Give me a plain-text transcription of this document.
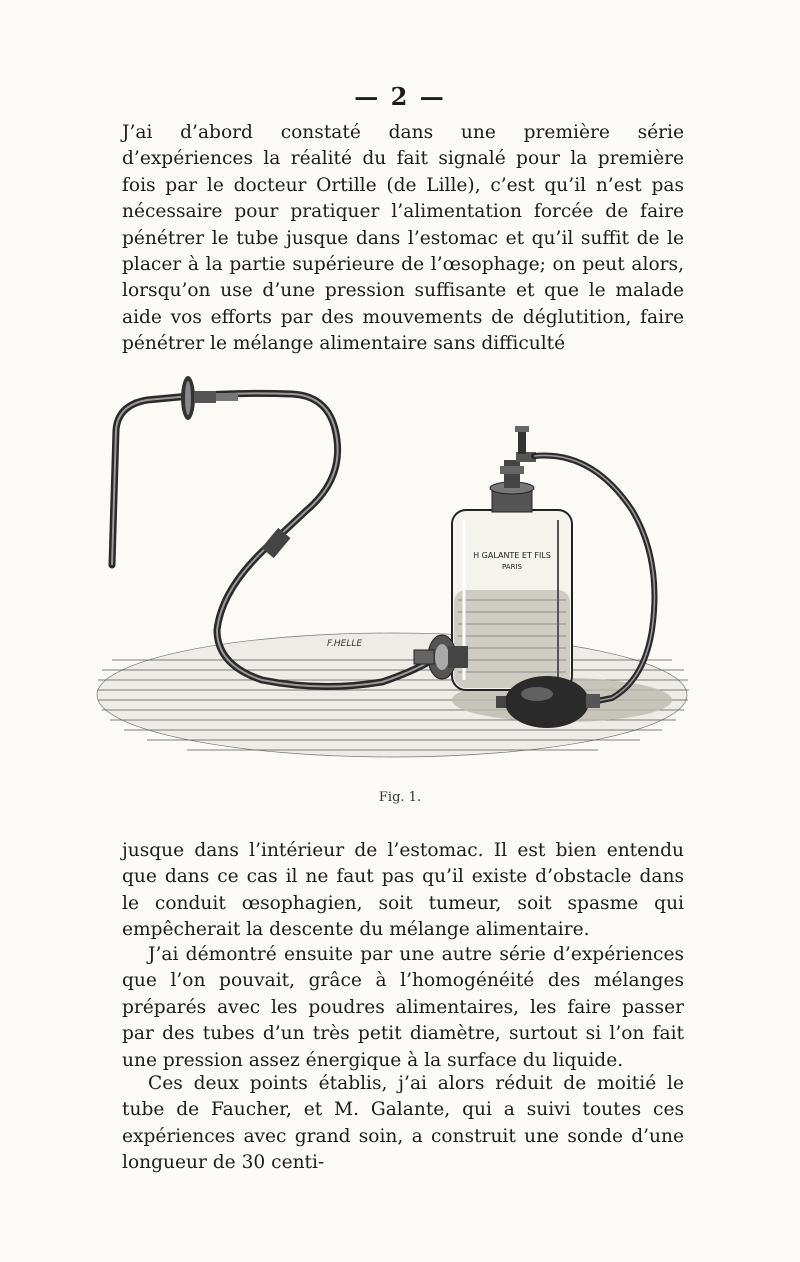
— 2 —

J’ai d’abord constaté dans une première série d’expériences la réalité du fait signalé pour la première fois par le docteur Ortille (de Lille), c’est qu’il n’est pas nécessaire pour pratiquer l’alimentation forcée de faire pénétrer le tube jusque dans l’estomac et qu’il suffit de le placer à la partie supérieure de l’œsophage; on peut alors, lorsqu’on use d’une pression suffisante et que le malade aide vos efforts par des mouvements de déglutition, faire pénétrer le mélange alimentaire sans difficulté

H GALANTE ET FILS
PARIS
F.HELLE
Fig. 1.

jusque dans l’intérieur de l’estomac. Il est bien entendu que dans ce cas il ne faut pas qu’il existe d’obstacle dans le conduit œsophagien, soit tumeur, soit spasme qui empêcherait la descente du mélange alimentaire.

J’ai démontré ensuite par une autre série d’expériences que l’on pouvait, grâce à l’homogénéité des mélanges préparés avec les poudres alimentaires, les faire passer par des tubes d’un très petit diamètre, surtout si l’on fait une pression assez énergique à la surface du liquide.

Ces deux points établis, j’ai alors réduit de moitié le tube de Faucher, et M. Galante, qui a suivi toutes ces expériences avec grand soin, a construit une sonde d’une longueur de 30 centi-
